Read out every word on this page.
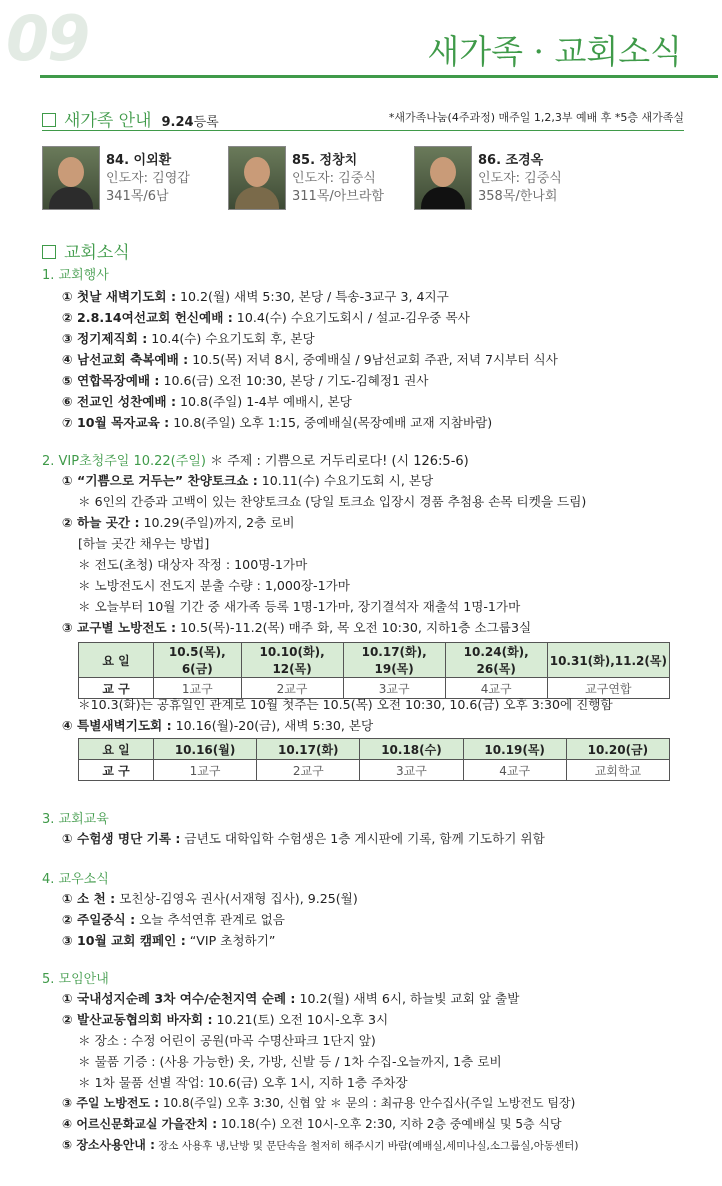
09	새가족 · 교회소식
새가족 안내 9.24등록	*새가족나눔(4주과정) 매주일 1,2,3부 예배 후 *5층 새가족실
84. 이외환
인도자: 김영갑
341목/6남
85. 정창치
인도자: 김중식
311목/아브라함
86. 조경옥
인도자: 김중식
358목/한나회
교회소식
1. 교회행사
① 첫날 새벽기도회 : 10.2(월) 새벽 5:30, 본당 / 특송-3교구 3, 4지구
② 2.8.14여선교회 헌신예배 : 10.4(수) 수요기도회시 / 설교-김우중 목사
③ 정기제직회 : 10.4(수) 수요기도회 후, 본당
④ 남선교회 축복예배 : 10.5(목) 저녁 8시, 중예배실 / 9남선교회 주관, 저녁 7시부터 식사
⑤ 연합목장예배 : 10.6(금) 오전 10:30, 본당 / 기도-김혜정1 권사
⑥ 전교인 성찬예배 : 10.8(주일) 1-4부 예배시, 본당
⑦ 10월 목자교육 : 10.8(주일) 오후 1:15, 중예배실(목장예배 교재 지참바람)
2. VIP초청주일 10.22(주일) ＊ 주제 : 기쁨으로 거두리로다! (시 126:5-6)
① “기쁨으로 거두는” 찬양토크쇼 : 10.11(수) 수요기도회 시, 본당
＊ 6인의 간증과 고백이 있는 찬양토크쇼 (당일 토크쇼 입장시 경품 추첨용 손목 티켓을 드림)
② 하늘 곳간 : 10.29(주일)까지, 2층 로비
[하늘 곳간 채우는 방법]
＊ 전도(초청) 대상자 작정 : 100명-1가마
＊ 노방전도시 전도지 분출 수량 : 1,000장-1가마
＊ 오늘부터 10월 기간 중 새가족 등록 1명-1가마, 장기결석자 재출석 1명-1가마
③ 교구별 노방전도 : 10.5(목)-11.2(목) 매주 화, 목 오전 10:30, 지하1층 소그룹3실
요 일	10.5(목), 6(금)	10.10(화), 12(목)	10.17(화), 19(목)	10.24(화), 26(목)	10.31(화),11.2(목)
교 구	1교구	2교구	3교구	4교구	교구연합
＊10.3(화)는 공휴일인 관계로 10월 첫주는 10.5(목) 오전 10:30, 10.6(금) 오후 3:30에 진행함
④ 특별새벽기도회 : 10.16(월)-20(금), 새벽 5:30, 본당
요 일	10.16(월)	10.17(화)	10.18(수)	10.19(목)	10.20(금)
교 구	1교구	2교구	3교구	4교구	교회학교
3. 교회교육
① 수험생 명단 기록 : 금년도 대학입학 수험생은 1층 게시판에 기록, 함께 기도하기 위함
4. 교우소식
① 소 천 : 모친상-김영옥 권사(서재형 집사), 9.25(월)
② 주일중식 : 오늘 추석연휴 관계로 없음
③ 10월 교회 캠페인 : “VIP 초청하기”
5. 모임안내
① 국내성지순례 3차 여수/순천지역 순례 : 10.2(월) 새벽 6시, 하늘빛 교회 앞 출발
② 발산교동협의회 바자회 : 10.21(토) 오전 10시-오후 3시
＊ 장소 : 수정 어린이 공원(마곡 수명산파크 1단지 앞)
＊ 물품 기증 : (사용 가능한) 옷, 가방, 신발 등 / 1차 수집-오늘까지, 1층 로비
＊ 1차 물품 선별 작업: 10.6(금) 오후 1시, 지하 1층 주차장
③ 주일 노방전도 : 10.8(주일) 오후 3:30, 신협 앞 ＊ 문의 : 최규용 안수집사(주일 노방전도 팀장)
④ 어르신문화교실 가을잔치 : 10.18(수) 오전 10시-오후 2:30, 지하 2층 중예배실 및 5층 식당
⑤ 장소사용안내 : 장소 사용후 냉,난방 및 문단속을 철저히 해주시기 바람(예배실,세미나실,소그룹실,아동센터)
